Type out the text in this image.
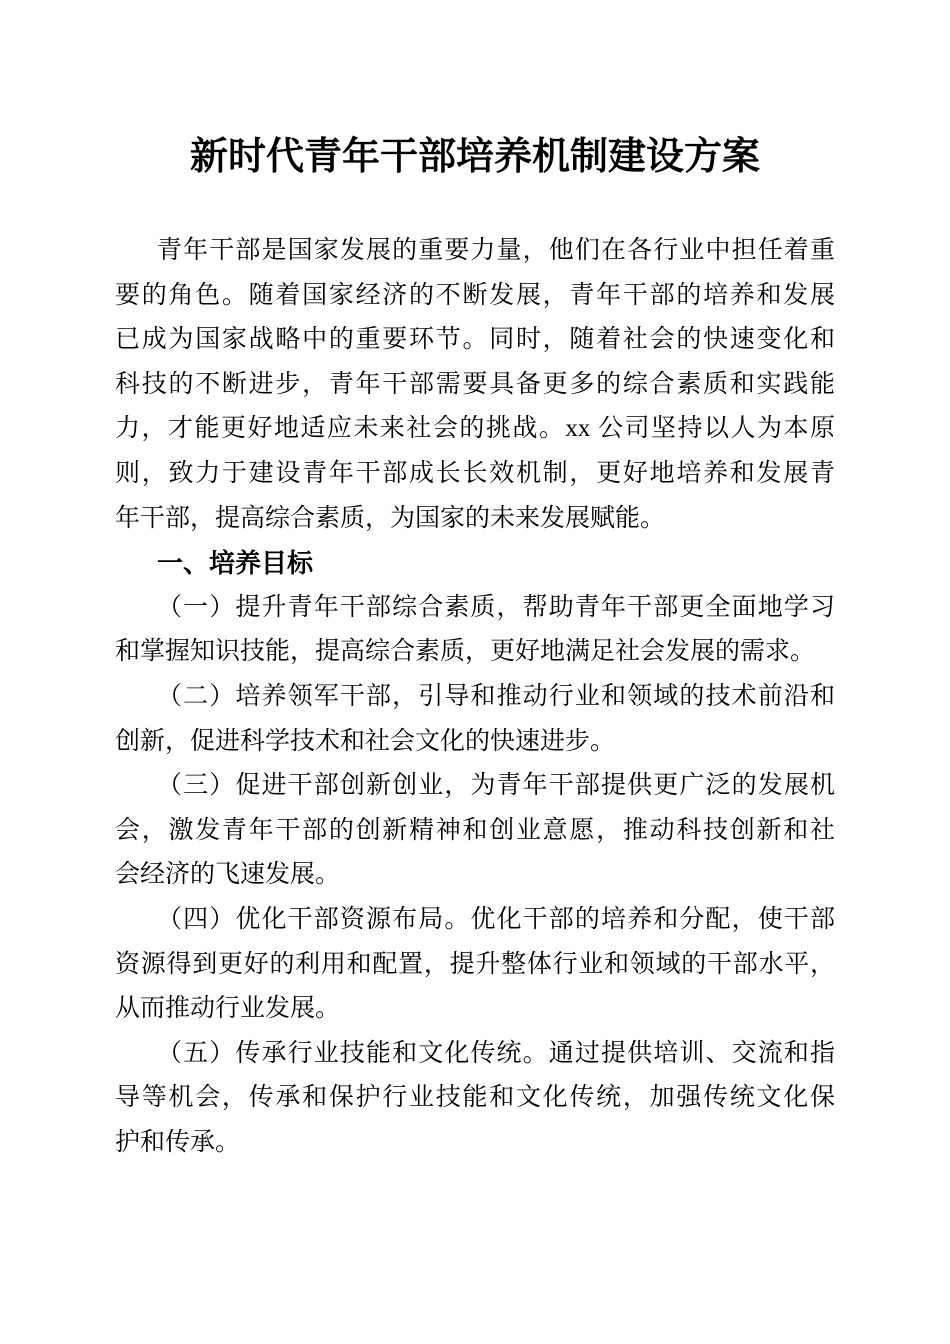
新时代青年干部培养机制建设方案
青年干部是国家发展的重要力量，他们在各行业中担任着重
要的角色。随着国家经济的不断发展，青年干部的培养和发展
已成为国家战略中的重要环节。同时，随着社会的快速变化和
科技的不断进步，青年干部需要具备更多的综合素质和实践能
力，才能更好地适应未来社会的挑战。xx 公司坚持以人为本原
则，致力于建设青年干部成长长效机制，更好地培养和发展青
年干部，提高综合素质，为国家的未来发展赋能。
一、培养目标
（一）提升青年干部综合素质，帮助青年干部更全面地学习
和掌握知识技能，提高综合素质，更好地满足社会发展的需求。
（二）培养领军干部，引导和推动行业和领域的技术前沿和
创新，促进科学技术和社会文化的快速进步。
（三）促进干部创新创业，为青年干部提供更广泛的发展机
会，激发青年干部的创新精神和创业意愿，推动科技创新和社
会经济的飞速发展。
（四）优化干部资源布局。优化干部的培养和分配，使干部
资源得到更好的利用和配置，提升整体行业和领域的干部水平，
从而推动行业发展。
（五）传承行业技能和文化传统。通过提供培训、交流和指
导等机会，传承和保护行业技能和文化传统，加强传统文化保
护和传承。
